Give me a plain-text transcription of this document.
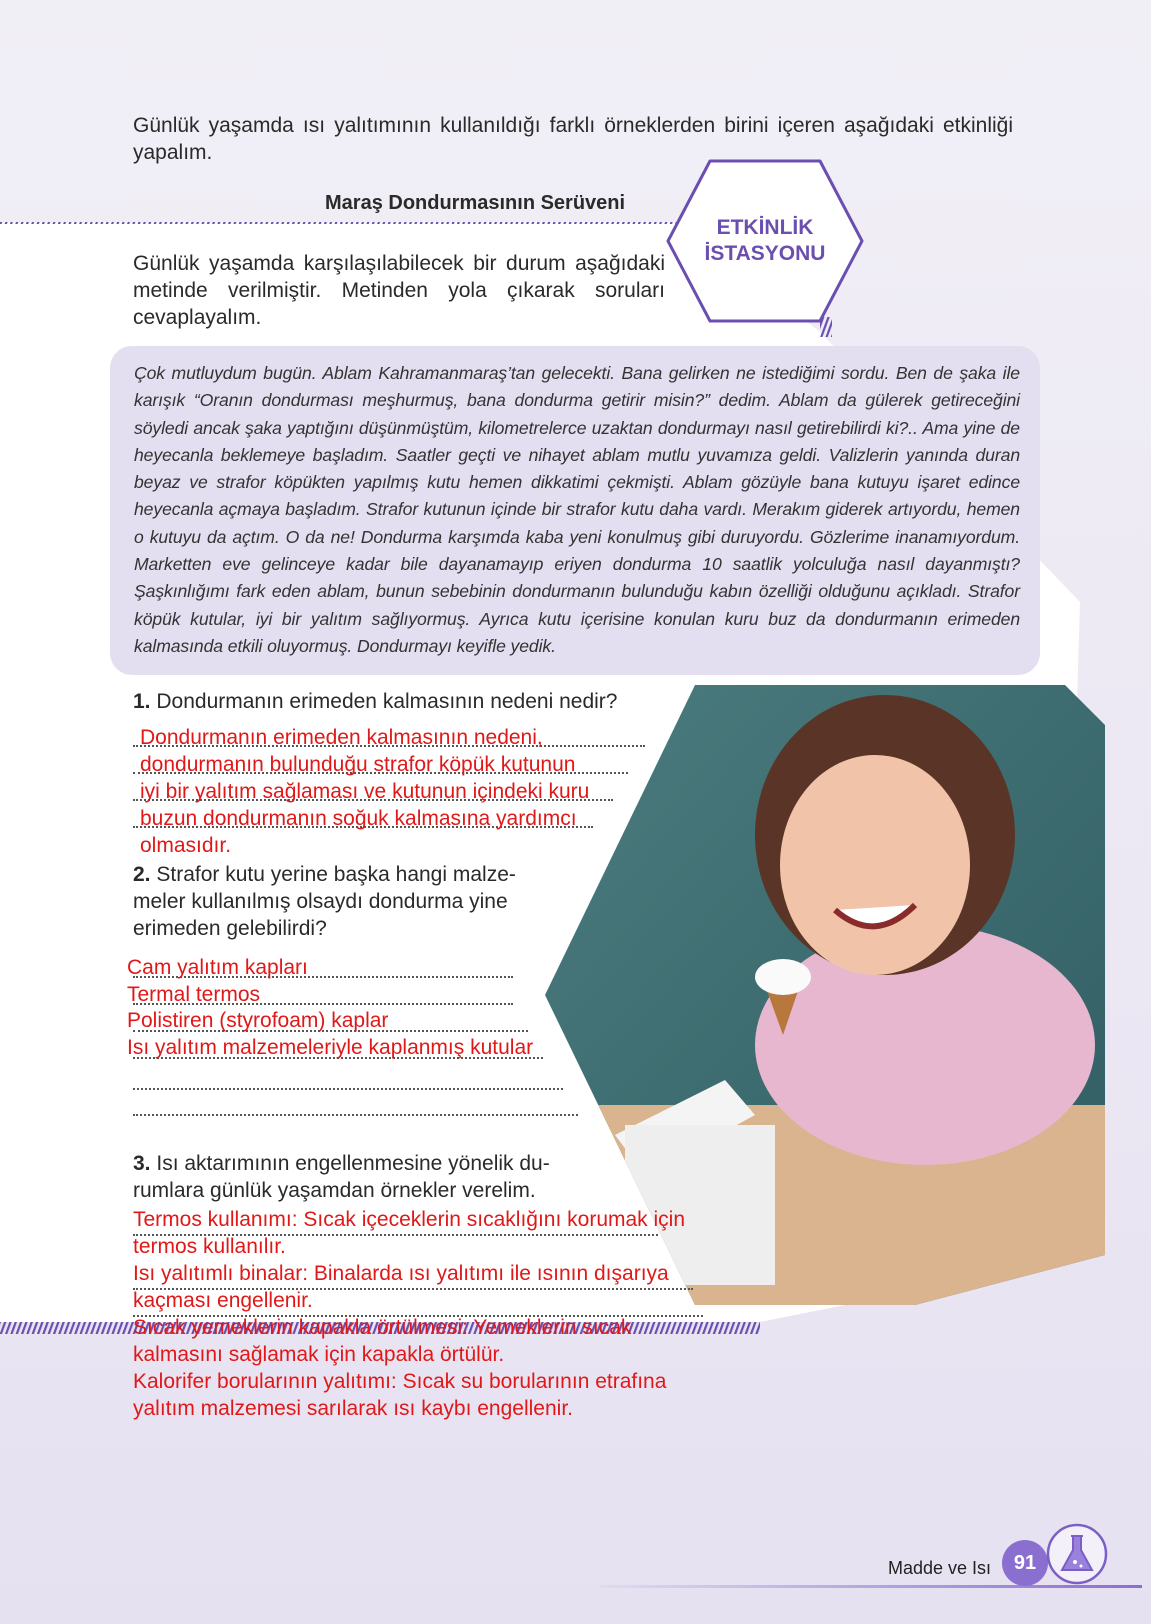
Günlük yaşamda ısı yalıtımının kullanıldığı farklı örneklerden birini içeren aşağıdaki etkinliği yapalım.
Maraş Dondurmasının Serüveni
ETKİNLİK
İSTASYONU
Günlük yaşamda karşılaşılabilecek bir durum aşağıdaki metinde verilmiştir. Metinden yola çıkarak soruları cevaplayalım.
Çok mutluydum bugün. Ablam Kahramanmaraş’tan gelecekti. Bana gelirken ne istediğimi sordu. Ben de şaka ile karışık “Oranın dondurması meşhurmuş, bana dondurma getirir misin?” dedim. Ablam da gülerek getireceğini söyledi ancak şaka yaptığını düşünmüştüm, kilometrelerce uzaktan dondurmayı nasıl getirebilirdi ki?.. Ama yine de heyecanla beklemeye başladım. Saatler geçti ve nihayet ablam mutlu yuvamıza geldi. Valizlerin yanında duran beyaz ve strafor köpükten yapılmış kutu hemen dikkatimi çekmişti. Ablam gözüyle bana kutuyu işaret edince heyecanla açmaya başladım. Strafor kutunun içinde bir strafor kutu daha vardı. Merakım giderek artıyordu, hemen o kutuyu da açtım. O da ne! Dondurma karşımda kaba yeni konulmuş gibi duruyordu. Gözlerime inanamıyordum. Marketten eve gelinceye kadar bile dayanamayıp eriyen dondurma 10 saatlik yolculuğa nasıl dayanmıştı? Şaşkınlığımı fark eden ablam, bunun sebebinin dondurmanın bulunduğu kabın özelliği olduğunu açıkladı. Strafor köpük kutular, iyi bir yalıtım sağlıyormuş. Ayrıca kutu içerisine konulan kuru buz da dondurmanın erimeden kalmasında etkili oluyormuş. Dondurmayı keyifle yedik.
1. Dondurmanın erimeden kalmasının nedeni nedir?
Dondurmanın erimeden kalmasının nedeni,
dondurmanın bulunduğu strafor köpük kutunun
iyi bir yalıtım sağlaması ve kutunun içindeki kuru
buzun dondurmanın soğuk kalmasına yardımcı
olmasıdır.
2. Strafor kutu yerine başka hangi malze-
meler kullanılmış olsaydı dondurma yine
erimeden gelebilirdi?
Cam yalıtım kapları
Termal termos
Polistiren (styrofoam) kaplar
Isı yalıtım malzemeleriyle kaplanmış kutular
3. Isı aktarımının engellenmesine yönelik du-
rumlara günlük yaşamdan örnekler verelim.
Termos kullanımı: Sıcak içeceklerin sıcaklığını korumak için
termos kullanılır.
Isı yalıtımlı binalar: Binalarda ısı yalıtımı ile ısının dışarıya
kaçması engellenir.
Sıcak yemeklerin kapakla örtülmesi: Yemeklerin sıcak
kalmasını sağlamak için kapakla örtülür.
Kalorifer borularının yalıtımı: Sıcak su borularının etrafına
yalıtım malzemesi sarılarak ısı kaybı engellenir.
Madde ve Isı	91
